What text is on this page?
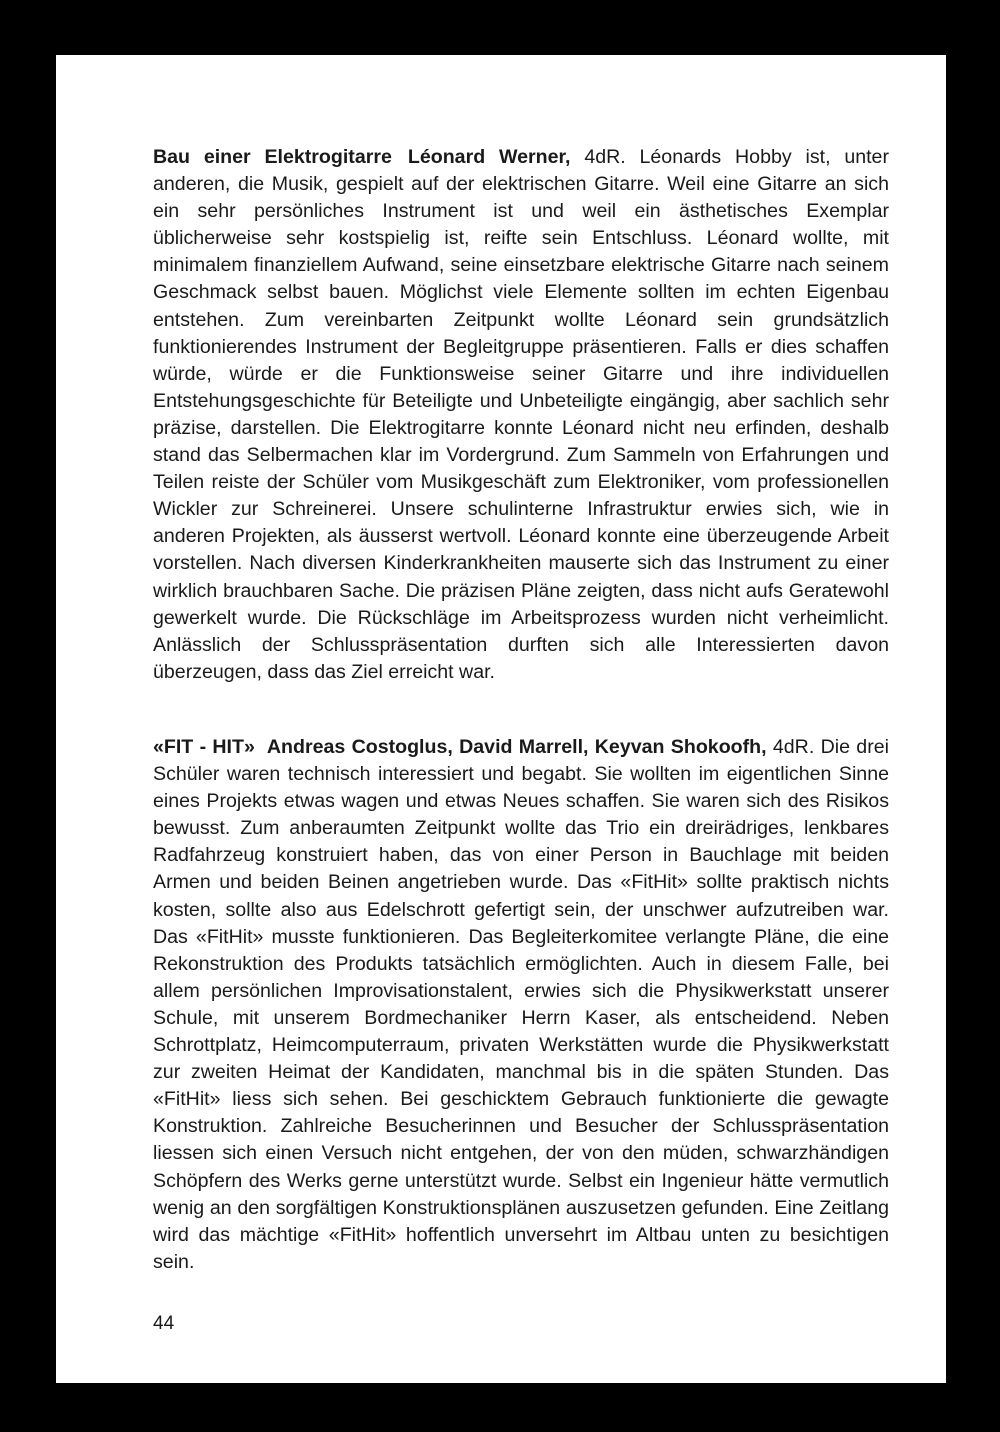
Bau einer Elektrogitarre Léonard Werner, 4dR. Léonards Hobby ist, unter anderen, die Musik, gespielt auf der elektrischen Gitarre. Weil eine Gitarre an sich ein sehr persönliches Instrument ist und weil ein ästhetisches Exemplar üblicherweise sehr kostspielig ist, reifte sein Entschluss. Léonard wollte, mit minimalem finanziellem Aufwand, seine einsetzbare elektrische Gitarre nach seinem Geschmack selbst bauen. Möglichst viele Elemente sollten im echten Eigenbau entstehen. Zum vereinbarten Zeitpunkt wollte Léonard sein grundsätzlich funktionierendes Instrument der Begleitgruppe präsentieren. Falls er dies schaffen würde, würde er die Funktionsweise seiner Gitarre und ihre individuellen Entstehungsgeschichte für Beteiligte und Unbeteiligte eingängig, aber sachlich sehr präzise, darstellen. Die Elektrogitarre konnte Léonard nicht neu erfinden, deshalb stand das Selbermachen klar im Vordergrund. Zum Sammeln von Erfahrungen und Teilen reiste der Schüler vom Musikgeschäft zum Elektroniker, vom professionellen Wickler zur Schreinerei. Unsere schulinterne Infrastruktur erwies sich, wie in anderen Projekten, als äusserst wertvoll. Léonard konnte eine überzeugende Arbeit vorstellen. Nach diversen Kinderkrankheiten mauserte sich das Instrument zu einer wirklich brauchbaren Sache. Die präzisen Pläne zeigten, dass nicht aufs Geratewohl gewerkelt wurde. Die Rückschläge im Arbeitsprozess wurden nicht verheimlicht. Anlässlich der Schlusspräsentation durften sich alle Interessierten davon überzeugen, dass das Ziel erreicht war.

«FIT - HIT» Andreas Costoglus, David Marrell, Keyvan Shokoofh, 4dR. Die drei Schüler waren technisch interessiert und begabt. Sie wollten im eigentlichen Sinne eines Projekts etwas wagen und etwas Neues schaffen. Sie waren sich des Risikos bewusst. Zum anberaumten Zeitpunkt wollte das Trio ein dreirädriges, lenkbares Radfahrzeug konstruiert haben, das von einer Person in Bauchlage mit beiden Armen und beiden Beinen angetrieben wurde. Das «FitHit» sollte praktisch nichts kosten, sollte also aus Edelschrott gefertigt sein, der unschwer aufzutreiben war. Das «FitHit» musste funktionieren. Das Begleiterkomitee verlangte Pläne, die eine Rekonstruktion des Produkts tatsächlich ermöglichten. Auch in diesem Falle, bei allem persönlichen Improvisationstalent, erwies sich die Physikwerkstatt unserer Schule, mit unserem Bordmechaniker Herrn Kaser, als entscheidend. Neben Schrottplatz, Heimcomputerraum, privaten Werkstätten wurde die Physikwerkstatt zur zweiten Heimat der Kandidaten, manchmal bis in die späten Stunden. Das «FitHit» liess sich sehen. Bei geschicktem Gebrauch funktionierte die gewagte Konstruktion. Zahlreiche Besucherinnen und Besucher der Schlusspräsentation liessen sich einen Versuch nicht entgehen, der von den müden, schwarzhändigen Schöpfern des Werks gerne unterstützt wurde. Selbst ein Ingenieur hätte vermutlich wenig an den sorgfältigen Konstruktionsplänen auszusetzen gefunden. Eine Zeitlang wird das mächtige «FitHit» hoffentlich unversehrt im Altbau unten zu besichtigen sein.

44
